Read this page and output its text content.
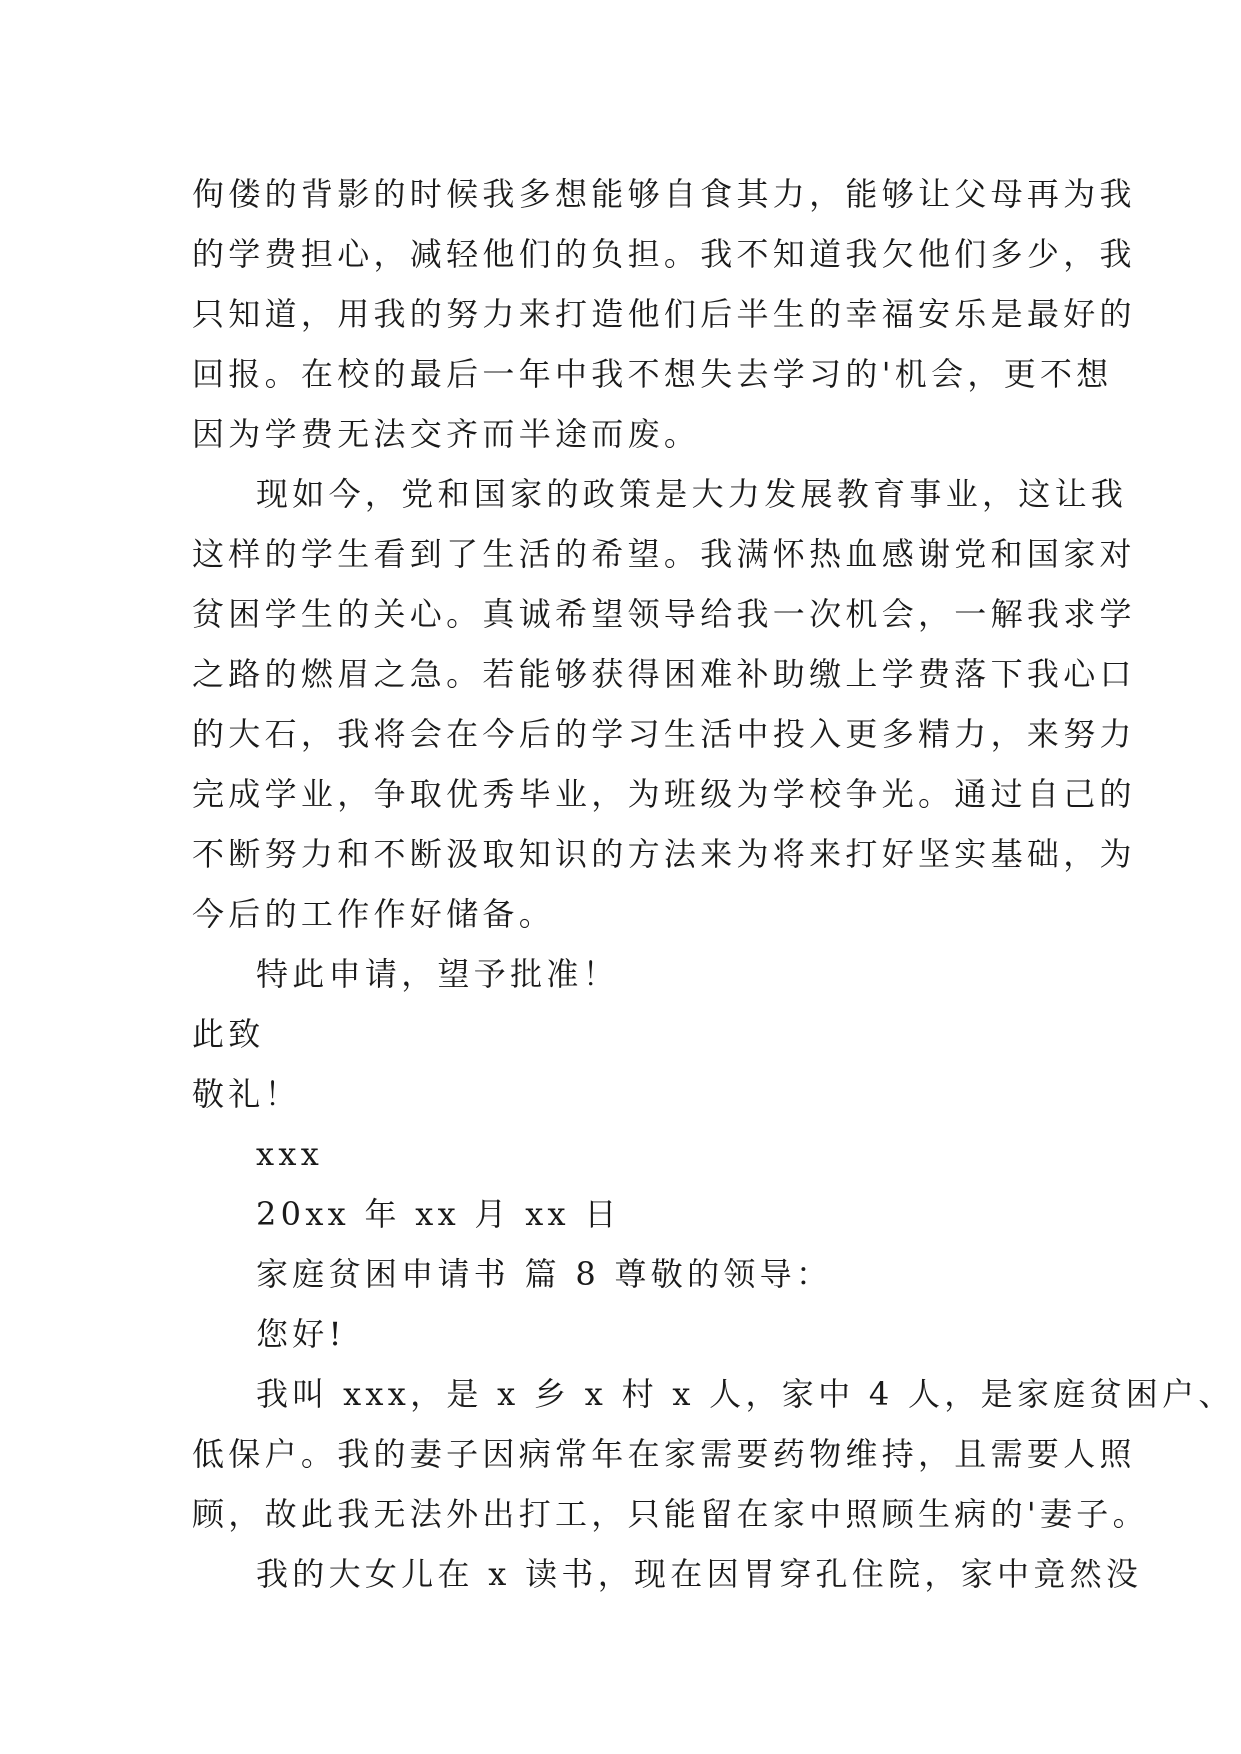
佝偻的背影的时候我多想能够自食其力，能够让父母再为我
的学费担心，减轻他们的负担。我不知道我欠他们多少，我
只知道，用我的努力来打造他们后半生的幸福安乐是最好的
回报。在校的最后一年中我不想失去学习的'机会，更不想
因为学费无法交齐而半途而废。
现如今，党和国家的政策是大力发展教育事业，这让我
这样的学生看到了生活的希望。我满怀热血感谢党和国家对
贫困学生的关心。真诚希望领导给我一次机会，一解我求学
之路的燃眉之急。若能够获得困难补助缴上学费落下我心口
的大石，我将会在今后的学习生活中投入更多精力，来努力
完成学业，争取优秀毕业，为班级为学校争光。通过自己的
不断努力和不断汲取知识的方法来为将来打好坚实基础，为
今后的工作作好储备。
特此申请，望予批准！
此致
敬礼！
xxx
20xx 年 xx 月 xx 日
家庭贫困申请书 篇 8 尊敬的领导：
您好!
我叫 xxx，是 x 乡 x 村 x 人，家中 4 人，是家庭贫困户、
低保户。我的妻子因病常年在家需要药物维持，且需要人照
顾，故此我无法外出打工，只能留在家中照顾生病的'妻子。
我的大女儿在 x 读书，现在因胃穿孔住院，家中竟然没
